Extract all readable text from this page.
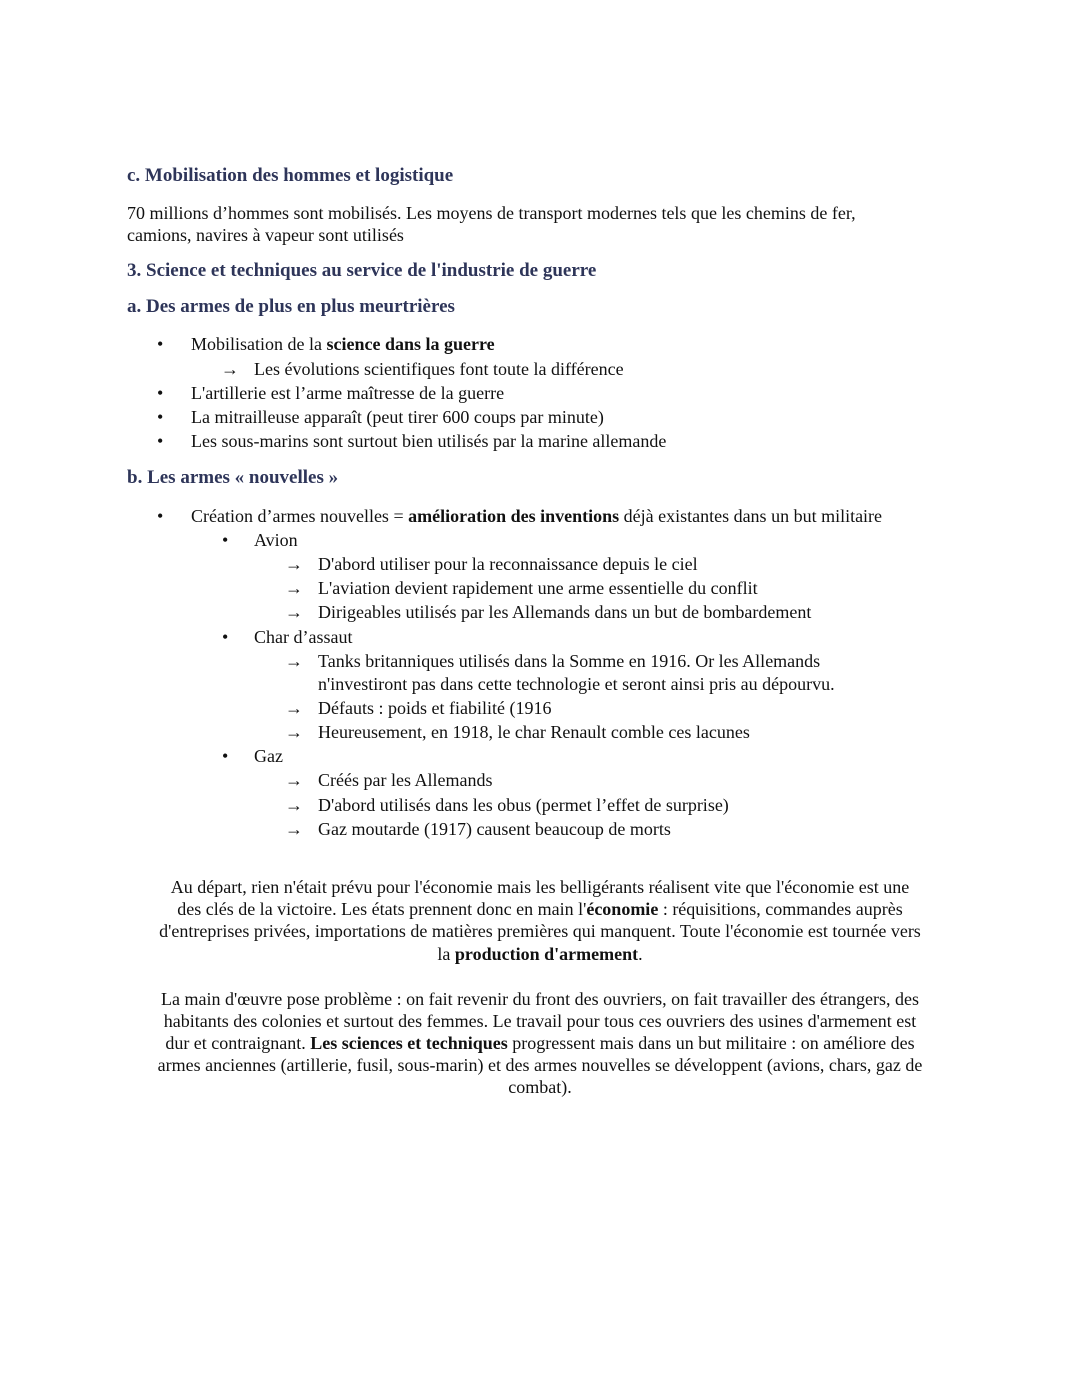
c. Mobilisation des hommes et logistique
70 millions d’hommes sont mobilisés. Les moyens de transport modernes tels que les chemins de fer,
camions, navires à vapeur sont utilisés
3. Science et techniques au service de l'industrie de guerre
a. Des armes de plus en plus meurtrières
• Mobilisation de la science dans la guerre
→ Les évolutions scientifiques font toute la différence
• L'artillerie est l’arme maîtresse de la guerre
• La mitrailleuse apparaît (peut tirer 600 coups par minute)
• Les sous-marins sont surtout bien utilisés par la marine allemande
b. Les armes « nouvelles »
• Création d’armes nouvelles = amélioration des inventions déjà existantes dans un but militaire
• Avion
→ D'abord utiliser pour la reconnaissance depuis le ciel
→ L'aviation devient rapidement une arme essentielle du conflit
→ Dirigeables utilisés par les Allemands dans un but de bombardement
• Char d’assaut
→ Tanks britanniques utilisés dans la Somme en 1916. Or les Allemands
n'investiront pas dans cette technologie et seront ainsi pris au dépourvu.
→ Défauts : poids et fiabilité (1916
→ Heureusement, en 1918, le char Renault comble ces lacunes
• Gaz
→ Créés par les Allemands
→ D'abord utilisés dans les obus (permet l’effet de surprise)
→ Gaz moutarde (1917) causent beaucoup de morts
Au départ, rien n'était prévu pour l'économie mais les belligérants réalisent vite que l'économie est une
des clés de la victoire. Les états prennent donc en main l'économie : réquisitions, commandes auprès
d'entreprises privées, importations de matières premières qui manquent. Toute l'économie est tournée vers
la production d'armement.
La main d'œuvre pose problème : on fait revenir du front des ouvriers, on fait travailler des étrangers, des
habitants des colonies et surtout des femmes. Le travail pour tous ces ouvriers des usines d'armement est
dur et contraignant. Les sciences et techniques progressent mais dans un but militaire : on améliore des
armes anciennes (artillerie, fusil, sous-marin) et des armes nouvelles se développent (avions, chars, gaz de
combat).
